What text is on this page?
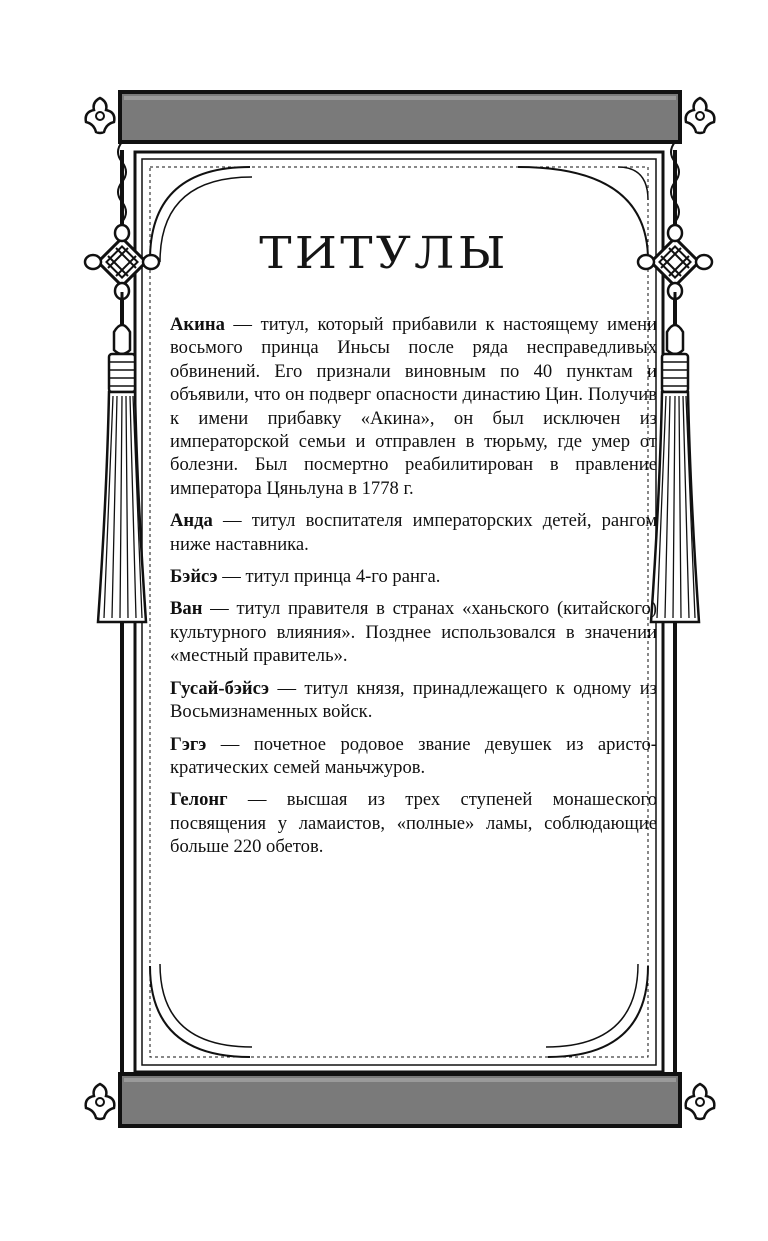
ТИТУЛЫ

Акина — титул, который прибавили к настоящему имени восьмого принца Иньсы после ряда несправедливых обвинений. Его признали виновным по 40 пунктам и объявили, что он подверг опасности династию Цин. Получив к имени прибавку «Акина», он был исключен из императорской семьи и отправлен в тюрьму, где умер от болезни. Был посмертно реабилитирован в правление императора Цяньлуна в 1778 г.

Анда — титул воспитателя императорских детей, рангом ниже наставника.

Бэйсэ — титул принца 4-го ранга.

Ван — титул правителя в странах «ханьского (китайского) культурного влияния». Позднее использовался в значении «местный правитель».

Гусай-бэйсэ — титул князя, принадлежащего к одному из Восьмизнаменных войск.

Гэгэ — почетное родовое звание девушек из аристократических семей маньчжуров.

Гелонг — высшая из трех ступеней монашеского посвящения у ламаистов, «полные» ламы, соблюдающие больше 220 обетов.
